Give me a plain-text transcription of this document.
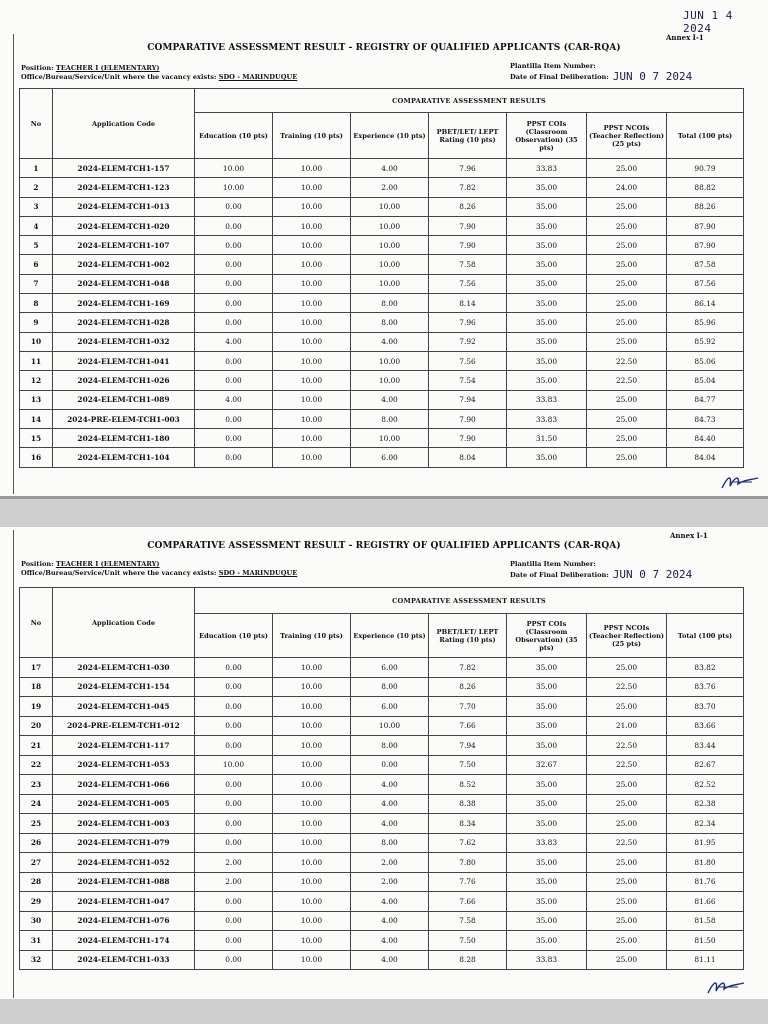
JUN 1 4 2024
Annex I-1
COMPARATIVE ASSESSMENT RESULT - REGISTRY OF QUALIFIED APPLICANTS (CAR-RQA)
Position: TEACHER I (ELEMENTARY)
Office/Bureau/Service/Unit where the vacancy exists: SDO - MARINDUQUE
Plantilla Item Number:
Date of Final Deliberation: JUN 0 7 2024
No	Application Code	COMPARATIVE ASSESSMENT RESULTS						
		Education (10 pts)	Training (10 pts)	Experience (10 pts)	PBET/LET/ LEPT Rating (10 pts)	PPST COIs (Classroom Observation) (35 pts)	PPST NCOIs (Teacher Reflection) (25 pts)	Total (100 pts)
1	2024-ELEM-TCH1-157	10.00	10.00	4.00	7.96	33.83	25.00	90.79
2	2024-ELEM-TCH1-123	10.00	10.00	2.00	7.82	35.00	24.00	88.82
3	2024-ELEM-TCH1-013	0.00	10.00	10.00	8.26	35.00	25.00	88.26
4	2024-ELEM-TCH1-020	0.00	10.00	10.00	7.90	35.00	25.00	87.90
5	2024-ELEM-TCH1-107	0.00	10.00	10.00	7.90	35.00	25.00	87.90
6	2024-ELEM-TCH1-002	0.00	10.00	10.00	7.58	35.00	25.00	87.58
7	2024-ELEM-TCH1-048	0.00	10.00	10.00	7.56	35.00	25.00	87.56
8	2024-ELEM-TCH1-169	0.00	10.00	8.00	8.14	35.00	25.00	86.14
9	2024-ELEM-TCH1-028	0.00	10.00	8.00	7.96	35.00	25.00	85.96
10	2024-ELEM-TCH1-032	4.00	10.00	4.00	7.92	35.00	25.00	85.92
11	2024-ELEM-TCH1-041	0.00	10.00	10.00	7.56	35.00	22.50	85.06
12	2024-ELEM-TCH1-026	0.00	10.00	10.00	7.54	35.00	22.50	85.04
13	2024-ELEM-TCH1-089	4.00	10.00	4.00	7.94	33.83	25.00	84.77
14	2024-PRE-ELEM-TCH1-003	0.00	10.00	8.00	7.90	33.83	25.00	84.73
15	2024-ELEM-TCH1-180	0.00	10.00	10.00	7.90	31.50	25.00	84.40
16	2024-ELEM-TCH1-104	0.00	10.00	6.00	8.04	35.00	25.00	84.04
Annex I-1
COMPARATIVE ASSESSMENT RESULT - REGISTRY OF QUALIFIED APPLICANTS (CAR-RQA)
Position: TEACHER I (ELEMENTARY)
Office/Bureau/Service/Unit where the vacancy exists: SDO - MARINDUQUE
Plantilla Item Number:
Date of Final Deliberation: JUN 0 7 2024
No	Application Code	COMPARATIVE ASSESSMENT RESULTS						
		Education (10 pts)	Training (10 pts)	Experience (10 pts)	PBET/LET/ LEPT Rating (10 pts)	PPST COIs (Classroom Observation) (35 pts)	PPST NCOIs (Teacher Reflection) (25 pts)	Total (100 pts)
17	2024-ELEM-TCH1-030	0.00	10.00	6.00	7.82	35.00	25.00	83.82
18	2024-ELEM-TCH1-154	0.00	10.00	8.00	8.26	35.00	22.50	83.76
19	2024-ELEM-TCH1-045	0.00	10.00	6.00	7.70	35.00	25.00	83.70
20	2024-PRE-ELEM-TCH1-012	0.00	10.00	10.00	7.66	35.00	21.00	83.66
21	2024-ELEM-TCH1-117	0.00	10.00	8.00	7.94	35.00	22.50	83.44
22	2024-ELEM-TCH1-053	10.00	10.00	0.00	7.50	32.67	22.50	82.67
23	2024-ELEM-TCH1-066	0.00	10.00	4.00	8.52	35.00	25.00	82.52
24	2024-ELEM-TCH1-005	0.00	10.00	4.00	8.38	35.00	25.00	82.38
25	2024-ELEM-TCH1-003	0.00	10.00	4.00	8.34	35.00	25.00	82.34
26	2024-ELEM-TCH1-079	0.00	10.00	8.00	7.62	33.83	22.50	81.95
27	2024-ELEM-TCH1-052	2.00	10.00	2.00	7.80	35.00	25.00	81.80
28	2024-ELEM-TCH1-088	2.00	10.00	2.00	7.76	35.00	25.00	81.76
29	2024-ELEM-TCH1-047	0.00	10.00	4.00	7.66	35.00	25.00	81.66
30	2024-ELEM-TCH1-076	0.00	10.00	4.00	7.58	35.00	25.00	81.58
31	2024-ELEM-TCH1-174	0.00	10.00	4.00	7.50	35.00	25.00	81.50
32	2024-ELEM-TCH1-033	0.00	10.00	4.00	8.28	33.83	25.00	81.11
